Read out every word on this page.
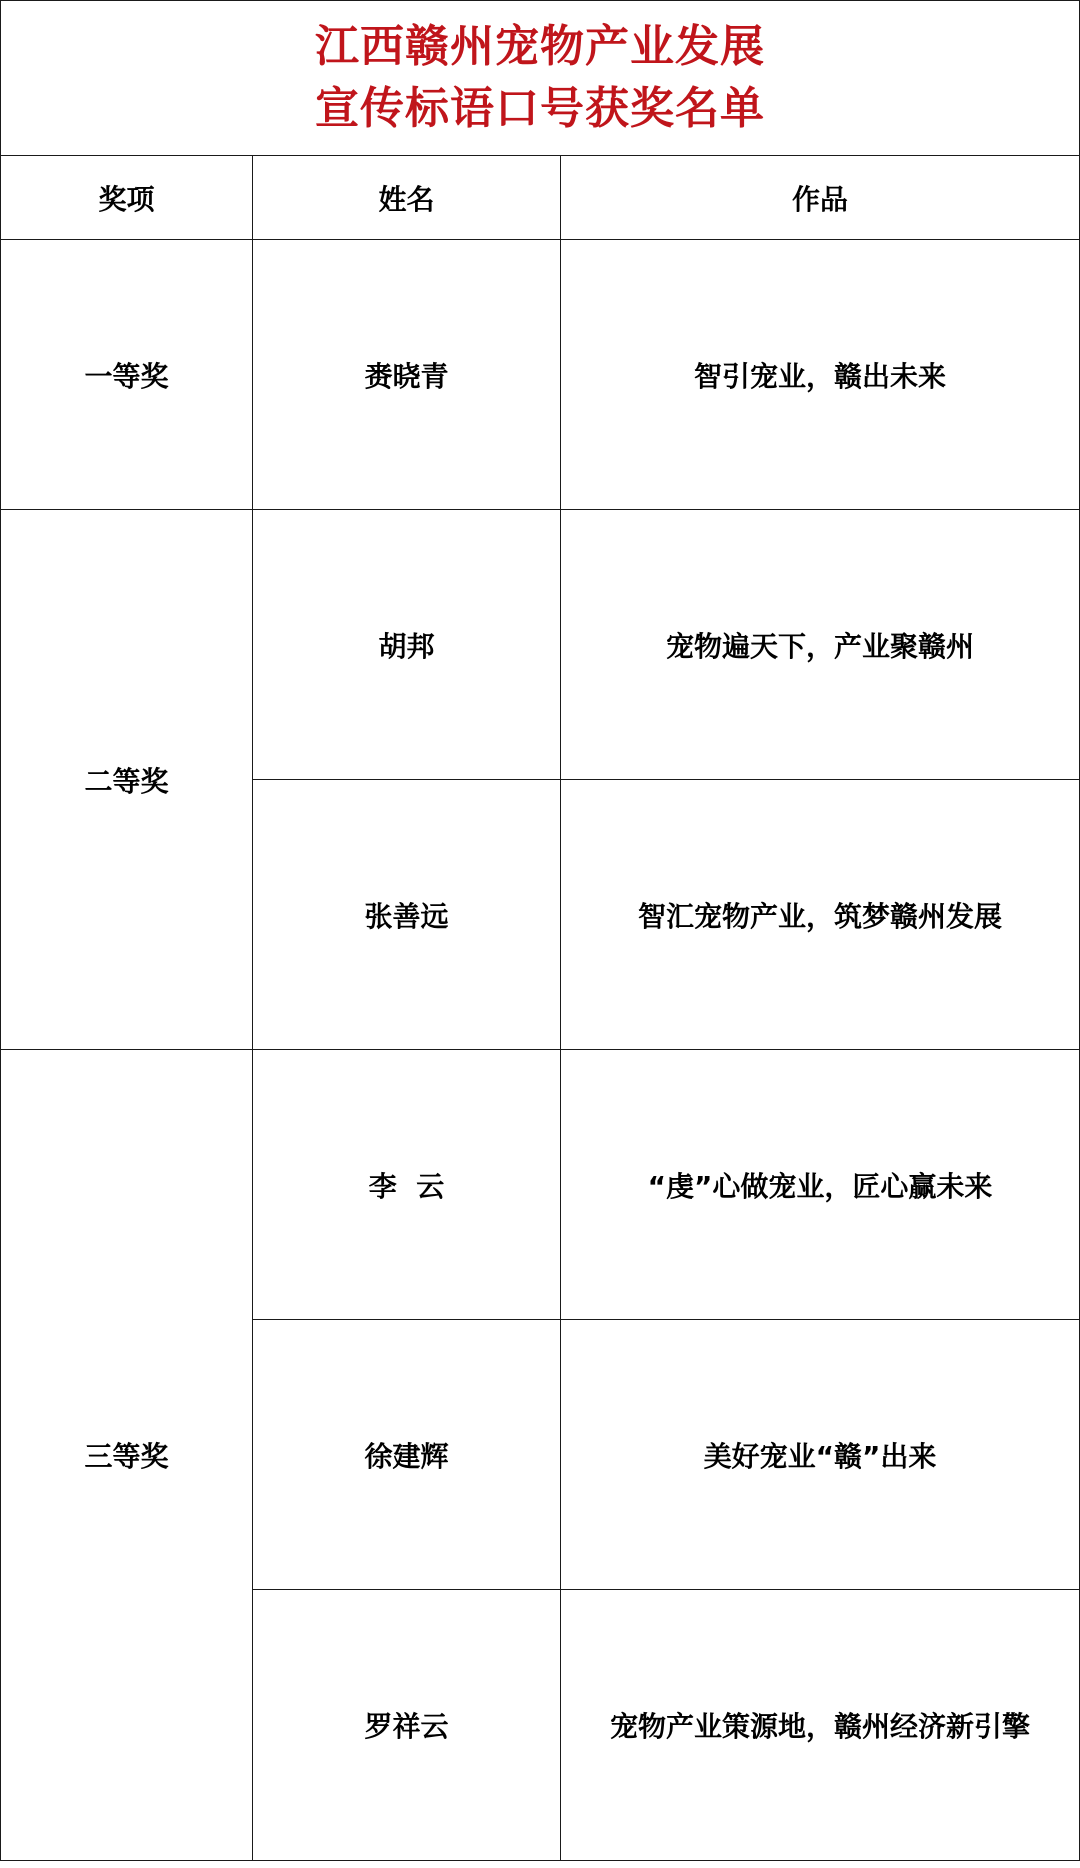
江西赣州宠物产业发展
宣传标语口号获奖名单		

奖项	姓名	作品
一等奖	赉晓青	智引宠业，赣出未来
二等奖	胡邦	宠物遍天下，产业聚赣州
	张善远	智汇宠物产业，筑梦赣州发展
三等奖	李  云	“虔”心做宠业，匠心赢未来
	徐建辉	美好宠业“赣”出来
	罗祥云	宠物产业策源地，赣州经济新引擎
